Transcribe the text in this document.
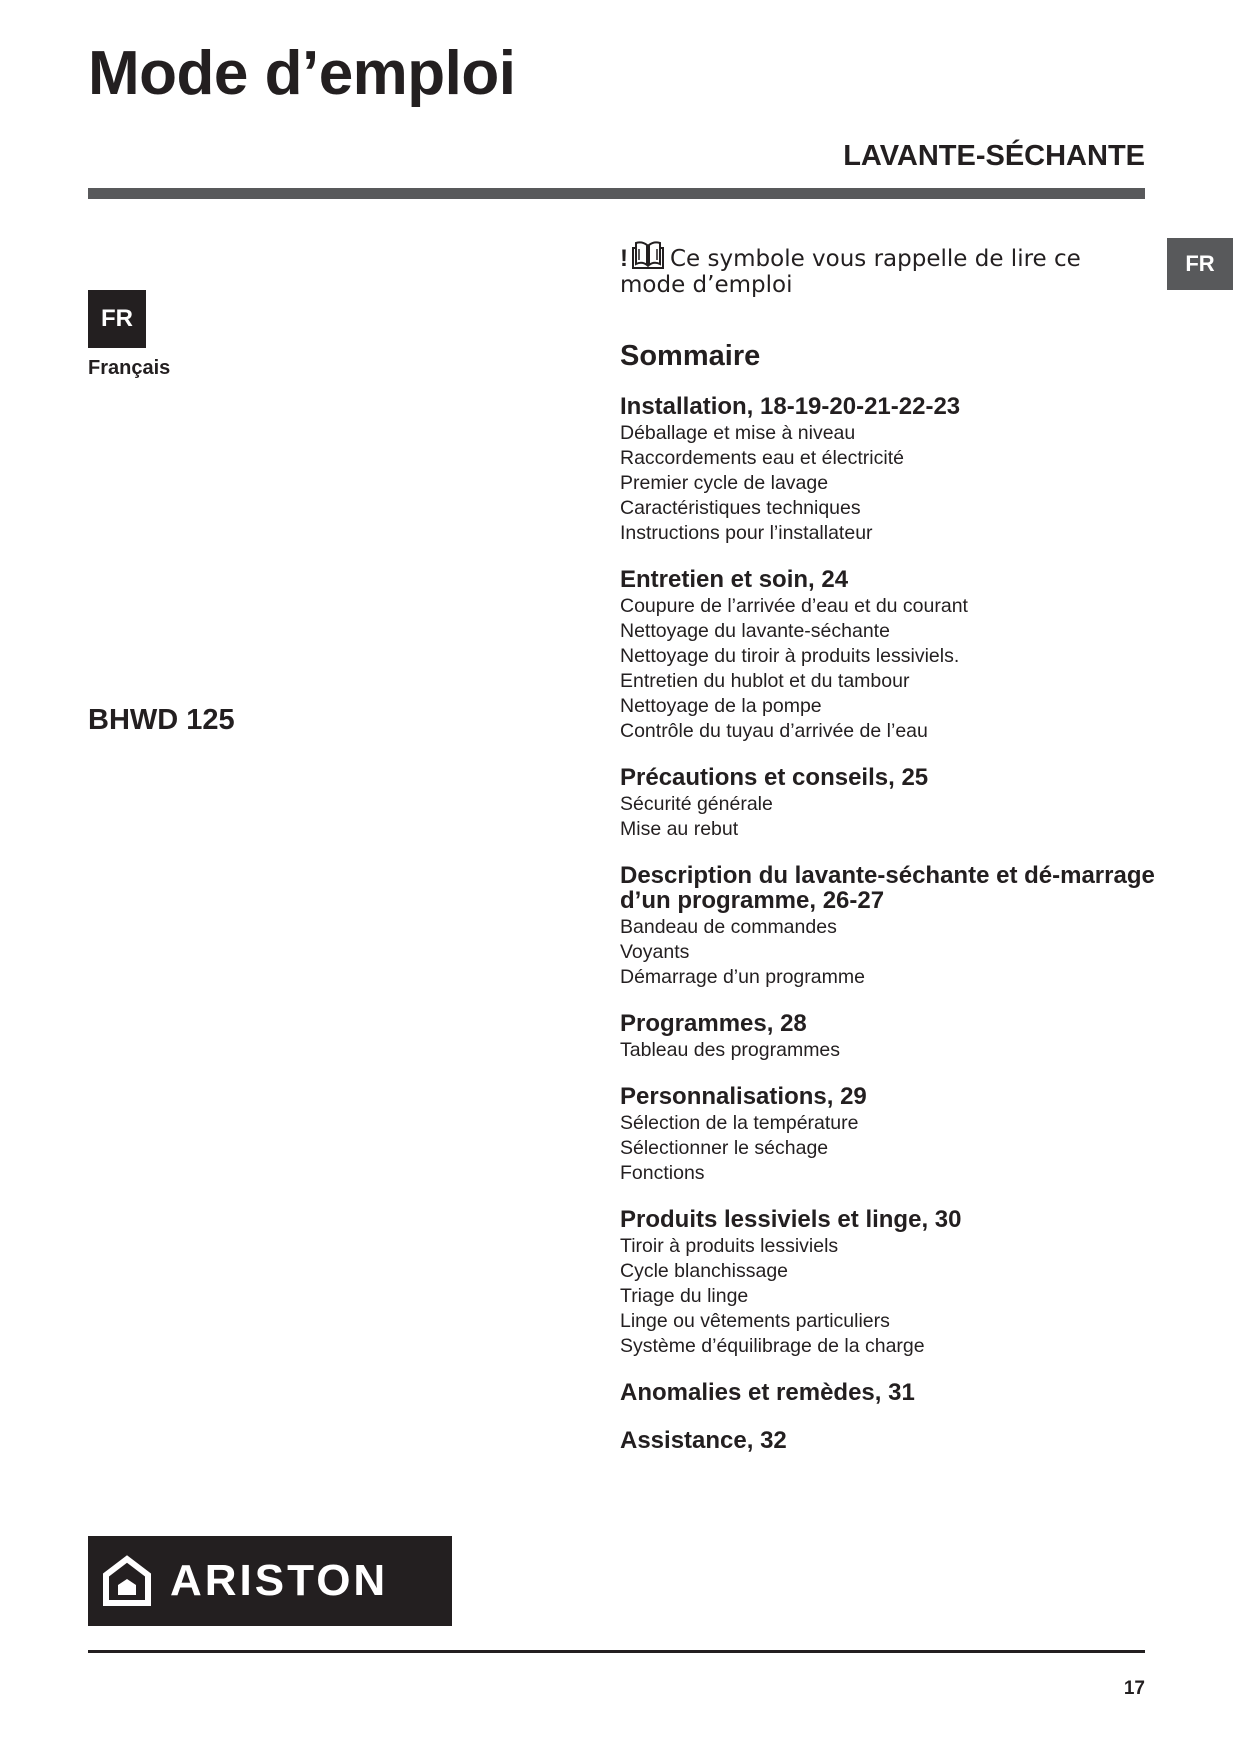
Mode d’emploi
LAVANTE-SÉCHANTE
FR
FR
Français
BHWD 125
! Ce symbole vous rappelle de lire ce mode d’emploi
Sommaire
Installation, 18-19-20-21-22-23
Déballage et mise à niveau
Raccordements eau et électricité
Premier cycle de lavage
Caractéristiques techniques
Instructions pour l’installateur
Entretien et soin, 24
Coupure de l’arrivée d’eau et du courant
Nettoyage du lavante-séchante
Nettoyage du tiroir à produits lessiviels.
Entretien du hublot et du tambour
Nettoyage de la pompe
Contrôle du tuyau d’arrivée de l’eau
Précautions et conseils, 25
Sécurité générale
Mise au rebut
Description du lavante-séchante et dé-marrage d’un programme, 26-27
Bandeau de commandes
Voyants
Démarrage d’un programme
Programmes, 28
Tableau des programmes
Personnalisations, 29
Sélection de la température
Sélectionner le séchage
Fonctions
Produits lessiviels et linge, 30
Tiroir à produits lessiviels
Cycle blanchissage
Triage du linge
Linge ou vêtements particuliers
Système d’équilibrage de la charge
Anomalies et remèdes, 31
Assistance, 32
ARISTON
17
